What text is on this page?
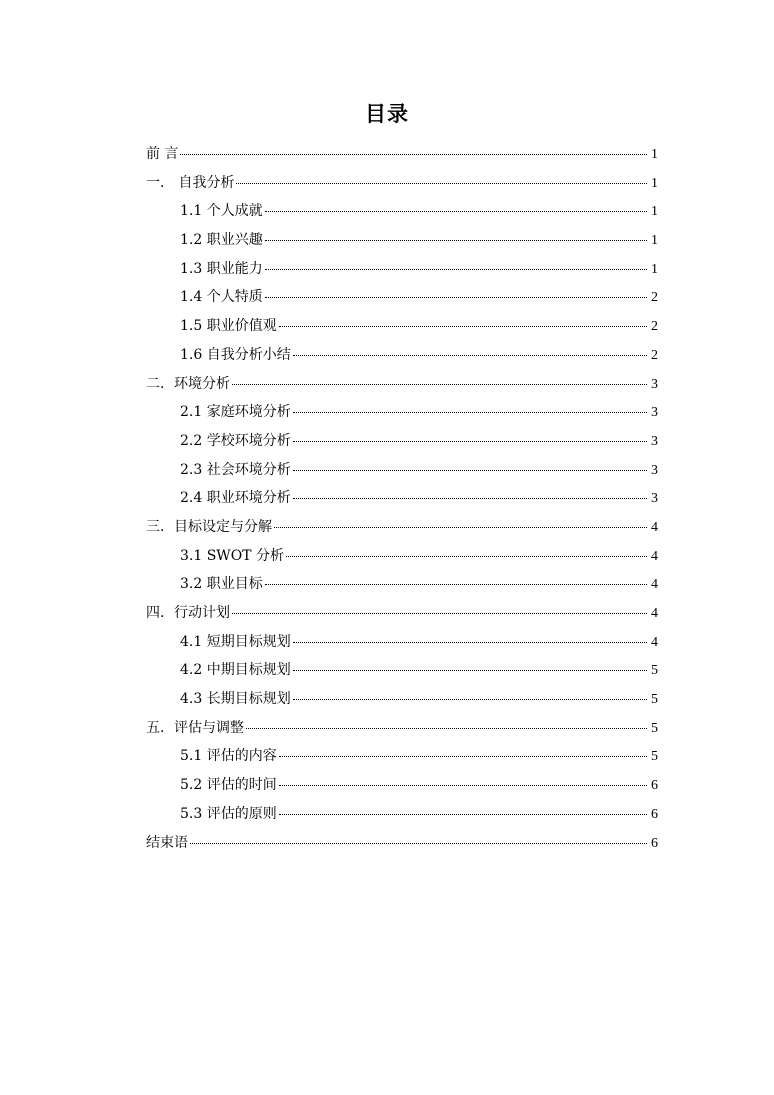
目录
前 言	1
一． 自我分析	1
1.1 个人成就	1
1.2 职业兴趣	1
1.3 职业能力	1
1.4 个人特质	2
1.5 职业价值观	2
1.6 自我分析小结	2
二．环境分析	3
2.1 家庭环境分析	3
2.2 学校环境分析	3
2.3 社会环境分析	3
2.4 职业环境分析	3
三．目标设定与分解	4
3.1 SWOT 分析	4
3.2 职业目标	4
四．行动计划	4
4.1 短期目标规划	4
4.2 中期目标规划	5
4.3 长期目标规划	5
五．评估与调整	5
5.1 评估的内容	5
5.2 评估的时间	6
5.3 评估的原则	6
结束语	6
